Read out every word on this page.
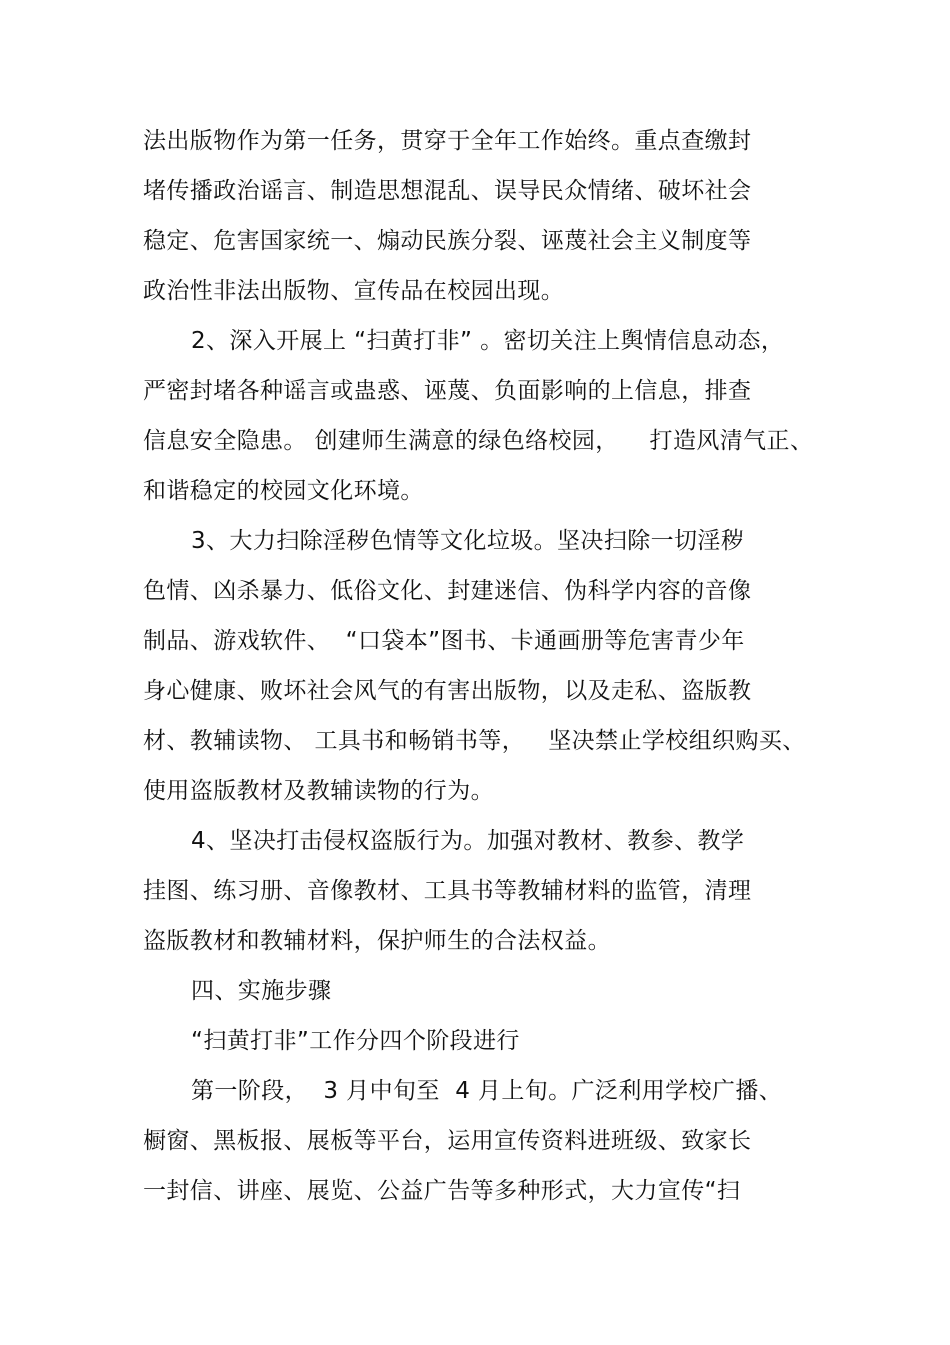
法出版物作为第一任务，贯穿于全年工作始终。重点查缴封
堵传播政治谣言、制造思想混乱、误导民众情绪、破坏社会
稳定、危害国家统一、煽动民族分裂、诬蔑社会主义制度等
政治性非法出版物、宣传品在校园出现。
2、深入开展上 “扫黄打非” 。密切关注上舆情信息动态，
严密封堵各种谣言或蛊惑、诬蔑、负面影响的上信息，排查
信息安全隐患。 创建师生满意的绿色络校园，    打造风清气正、
和谐稳定的校园文化环境。
3、大力扫除淫秽色情等文化垃圾。坚决扫除一切淫秽
色情、凶杀暴力、低俗文化、封建迷信、伪科学内容的音像
制品、游戏软件、  “口袋本”图书、卡通画册等危害青少年
身心健康、败坏社会风气的有害出版物，以及走私、盗版教
材、教辅读物、 工具书和畅销书等，   坚决禁止学校组织购买、
使用盗版教材及教辅读物的行为。
4、坚决打击侵权盗版行为。加强对教材、教参、教学
挂图、练习册、音像教材、工具书等教辅材料的监管，清理
盗版教材和教辅材料，保护师生的合法权益。
四、实施步骤
“扫黄打非”工作分四个阶段进行
第一阶段，  3 月中旬至  4 月上旬。广泛利用学校广播、
橱窗、黑板报、展板等平台，运用宣传资料进班级、致家长
一封信、讲座、展览、公益广告等多种形式，大力宣传“扫
